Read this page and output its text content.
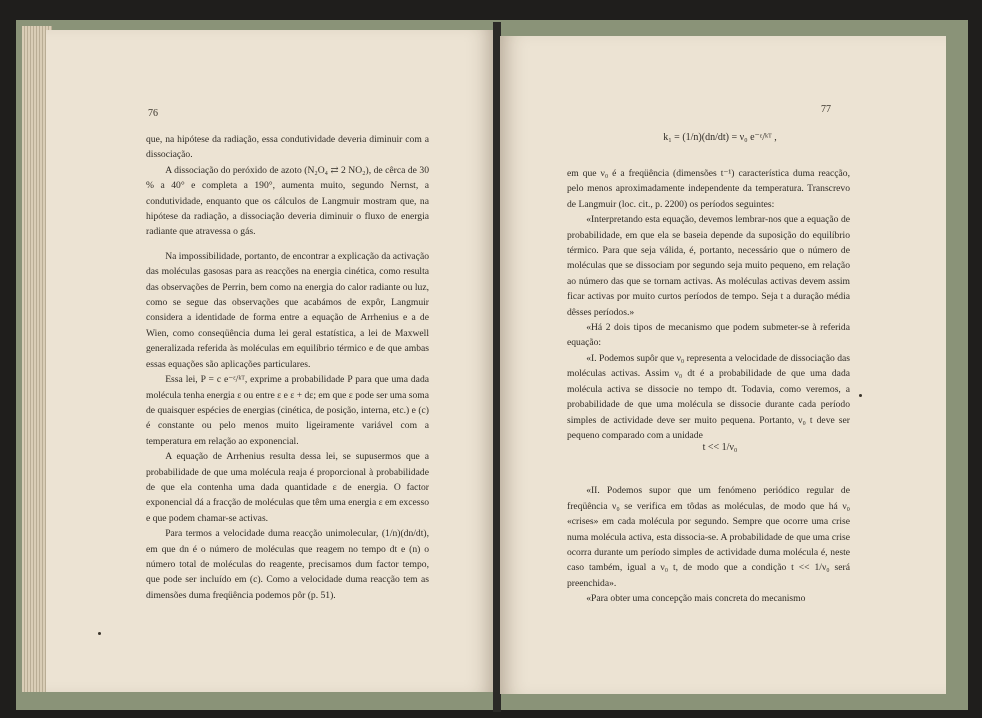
76

que, na hipótese da radiação, essa condutividade deveria diminuir com a dissociação.

A dissociação do peróxido de azoto (N₂O₄ ⇄ 2 NO₂), de cêrca de 30 % a 40° e completa a 190°, aumenta muito, segundo Nernst, a condutividade, enquanto que os cálculos de Langmuir mostram que, na hipótese da radiação, a dissociação deveria diminuir o fluxo de energia radiante que atravessa o gás.

Na impossibilidade, portanto, de encontrar a explicação da activação das moléculas gasosas para as reacções na energia cinética, como resulta das observações de Perrin, bem como na energia do calor radiante ou luz, como se segue das observações que acabámos de expôr, Langmuir considera a identidade de forma entre a equação de Arrhenius e a de Wien, como conseqüência duma lei geral estatística, a lei de Maxwell generalizada referida às moléculas em equilíbrio térmico e de que ambas essas equações são aplicações particulares.

Essa lei, P = c e⁻ᵋ/ᵏᵀ, exprime a probabilidade P para que uma dada molécula tenha energia ε ou entre ε e ε + dε; em que ε pode ser uma soma de quaisquer espécies de energias (cinética, de posição, interna, etc.) e (c) é constante ou pelo menos muito ligeiramente variável com a temperatura em relação ao exponencial.

A equação de Arrhenius resulta dessa lei, se supusermos que a probabilidade de que uma molécula reaja é proporcional à probabilidade de que ela contenha uma dada quantidade ε de energia. O factor exponencial dá a fracção de moléculas que têm uma energia ε em excesso e que podem chamar-se activas.

Para termos a velocidade duma reacção unimolecular, (1/n)(dn/dt), em que dn é o número de moléculas que reagem no tempo dt e (n) o número total de moléculas do reagente, precisamos dum factor tempo, que pode ser incluído em (c). Como a velocidade duma reacção tem as dimensões duma freqüência podemos pôr (p. 51).

77
k₁ = (1/n)(dn/dt) = ν₀ e⁻ᵋ/ᵏᵀ ,

em que ν₀ é a freqüência (dimensões t⁻¹) característica duma reacção, pelo menos aproximadamente independente da temperatura. Transcrevo de Langmuir (loc. cit., p. 2200) os períodos seguintes:

«Interpretando esta equação, devemos lembrar-nos que a equação de probabilidade, em que ela se baseia depende da suposição do equilíbrio térmico. Para que seja válida, é, portanto, necessário que o número de moléculas que se dissociam por segundo seja muito pequeno, em relação ao número das que se tornam activas. As moléculas activas devem assim ficar activas por muito curtos períodos de tempo. Seja t a duração média dêsses períodos.»

«Há 2 dois tipos de mecanismo que podem submeter-se à referida equação:

«I. Podemos supôr que ν₀ representa a velocidade de dissociação das moléculas activas. Assim ν₀ dt é a probabilidade de que uma dada molécula activa se dissocie no tempo dt. Todavia, como veremos, a probabilidade de que uma molécula se dissocie durante cada período simples de actividade deve ser muito pequena. Portanto, ν₀ t deve ser pequeno comparado com a unidade

«II. Podemos supor que um fenómeno periódico regular de freqüência ν₀ se verifica em tôdas as moléculas, de modo que há ν₀ «crises» em cada molécula por segundo. Sempre que ocorre uma crise numa molécula activa, esta dissocia-se. A probabilidade de que uma crise ocorra durante um período simples de actividade duma molécula é, neste caso também, igual a ν₀ t, de modo que a condição t << 1/ν₀ será preenchida».

«Para obter uma concepção mais concreta do mecanismo

t << 1/ν₀
